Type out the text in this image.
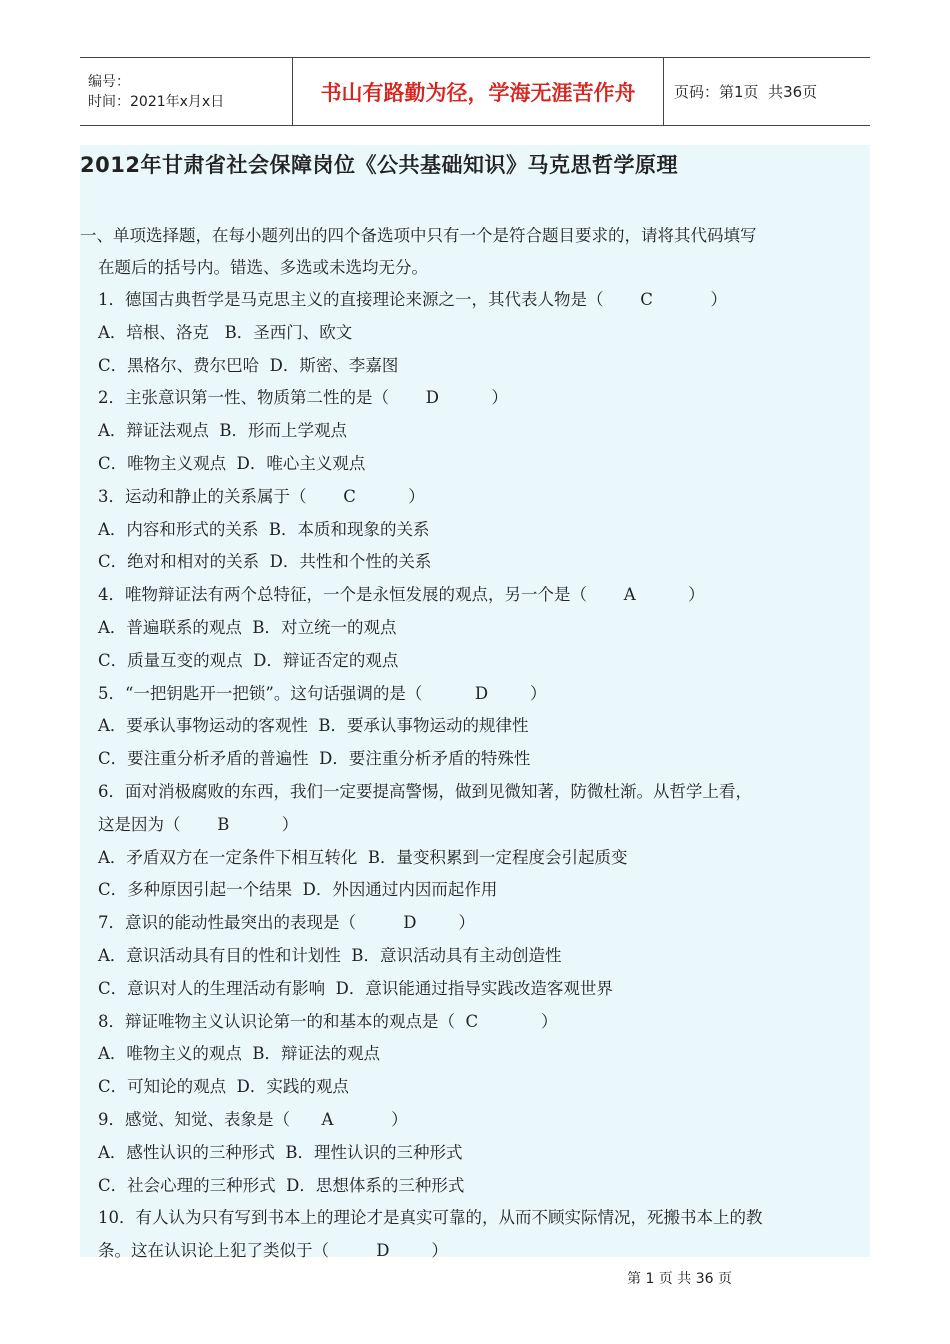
编号：
时间：2021年x月x日	书山有路勤为径，学海无涯苦作舟	页码：第1页  共36页
2012年甘肃省社会保障岗位《公共基础知识》马克思哲学原理
一、单项选择题，在每小题列出的四个备选项中只有一个是符合题目要求的，请将其代码填写
在题后的括号内。错选、多选或未选均无分。
1．德国古典哲学是马克思主义的直接理论来源之一，其代表人物是（       C           ）
A．培根、洛克   B．圣西门、欧文
C．黑格尔、费尔巴哈  D．斯密、李嘉图
2．主张意识第一性、物质第二性的是（       D          ）
A．辩证法观点  B．形而上学观点
C．唯物主义观点  D．唯心主义观点
3．运动和静止的关系属于（       C          ）
A．内容和形式的关系  B．本质和现象的关系
C．绝对和相对的关系  D．共性和个性的关系
4．唯物辩证法有两个总特征，一个是永恒发展的观点，另一个是（       A          ）
A．普遍联系的观点  B．对立统一的观点
C．质量互变的观点  D．辩证否定的观点
5．“一把钥匙开一把锁”。这句话强调的是（          D        ）
A．要承认事物运动的客观性  B．要承认事物运动的规律性
C．要注重分析矛盾的普遍性  D．要注重分析矛盾的特殊性
6．面对消极腐败的东西，我们一定要提高警惕，做到见微知著，防微杜渐。从哲学上看，
这是因为（       B          ）
A．矛盾双方在一定条件下相互转化  B．量变积累到一定程度会引起质变
C．多种原因引起一个结果  D．外因通过内因而起作用
7．意识的能动性最突出的表现是（         D        ）
A．意识活动具有目的性和计划性  B．意识活动具有主动创造性
C．意识对人的生理活动有影响  D．意识能通过指导实践改造客观世界
8．辩证唯物主义认识论第一的和基本的观点是（  C            ）
A．唯物主义的观点  B．辩证法的观点
C．可知论的观点  D．实践的观点
9．感觉、知觉、表象是（      A           ）
A．感性认识的三种形式  B．理性认识的三种形式
C．社会心理的三种形式  D．思想体系的三种形式
10．有人认为只有写到书本上的理论才是真实可靠的，从而不顾实际情况，死搬书本上的教
条。这在认识论上犯了类似于（         D        ）
第 1 页 共 36 页
